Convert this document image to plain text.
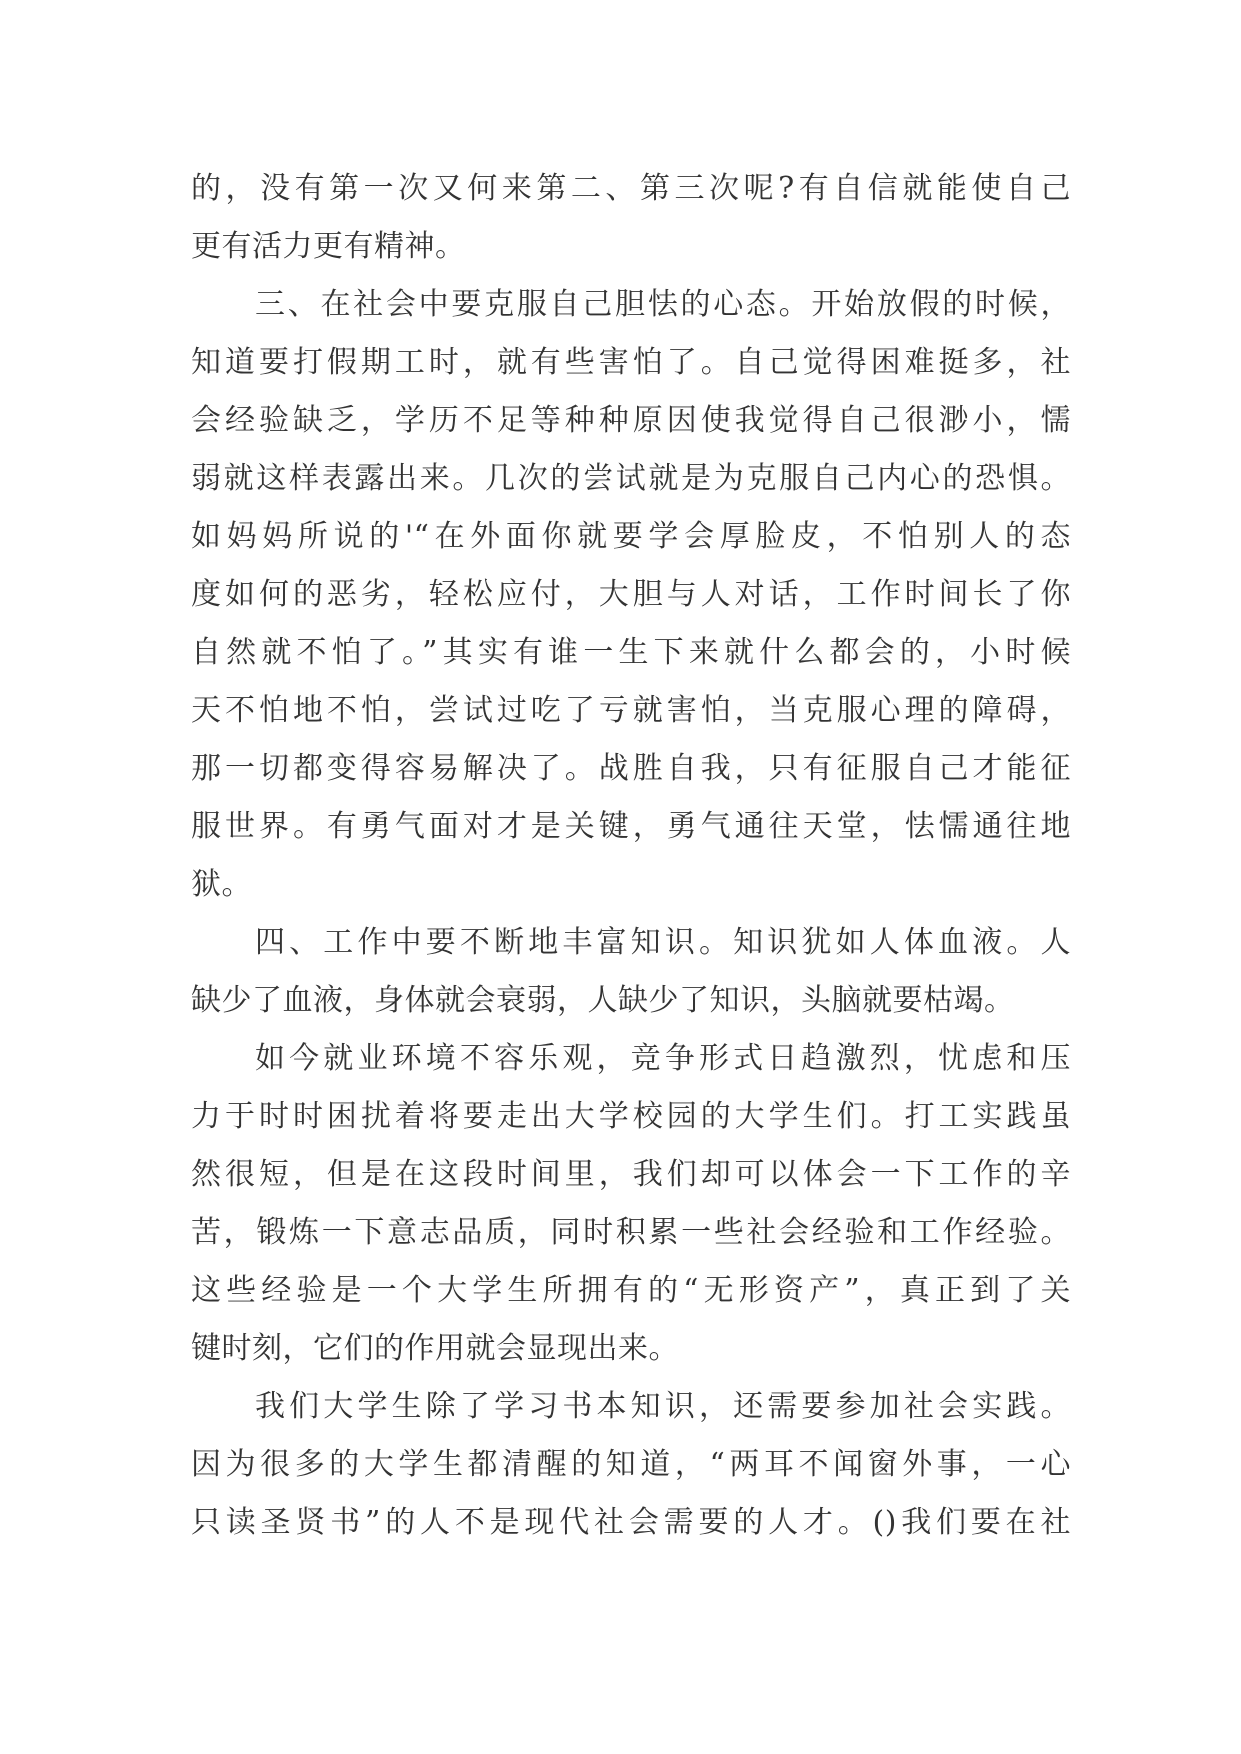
的，没有第一次又何来第二、第三次呢?有自信就能使自己
更有活力更有精神。
三、在社会中要克服自己胆怯的心态。开始放假的时候，
知道要打假期工时，就有些害怕了。自己觉得困难挺多，社
会经验缺乏，学历不足等种种原因使我觉得自己很渺小，懦
弱就这样表露出来。几次的尝试就是为克服自己内心的恐惧。
如妈妈所说的'“在外面你就要学会厚脸皮，不怕别人的态
度如何的恶劣，轻松应付，大胆与人对话，工作时间长了你
自然就不怕了。”其实有谁一生下来就什么都会的，小时候
天不怕地不怕，尝试过吃了亏就害怕，当克服心理的障碍，
那一切都变得容易解决了。战胜自我，只有征服自己才能征
服世界。有勇气面对才是关键，勇气通往天堂，怯懦通往地
狱。
四、工作中要不断地丰富知识。知识犹如人体血液。人
缺少了血液，身体就会衰弱，人缺少了知识，头脑就要枯竭。
如今就业环境不容乐观，竞争形式日趋激烈，忧虑和压
力于时时困扰着将要走出大学校园的大学生们。打工实践虽
然很短，但是在这段时间里，我们却可以体会一下工作的辛
苦，锻炼一下意志品质，同时积累一些社会经验和工作经验。
这些经验是一个大学生所拥有的“无形资产”，真正到了关
键时刻，它们的作用就会显现出来。
我们大学生除了学习书本知识，还需要参加社会实践。
因为很多的大学生都清醒的知道，“两耳不闻窗外事，一心
只读圣贤书”的人不是现代社会需要的人才。()我们要在社
